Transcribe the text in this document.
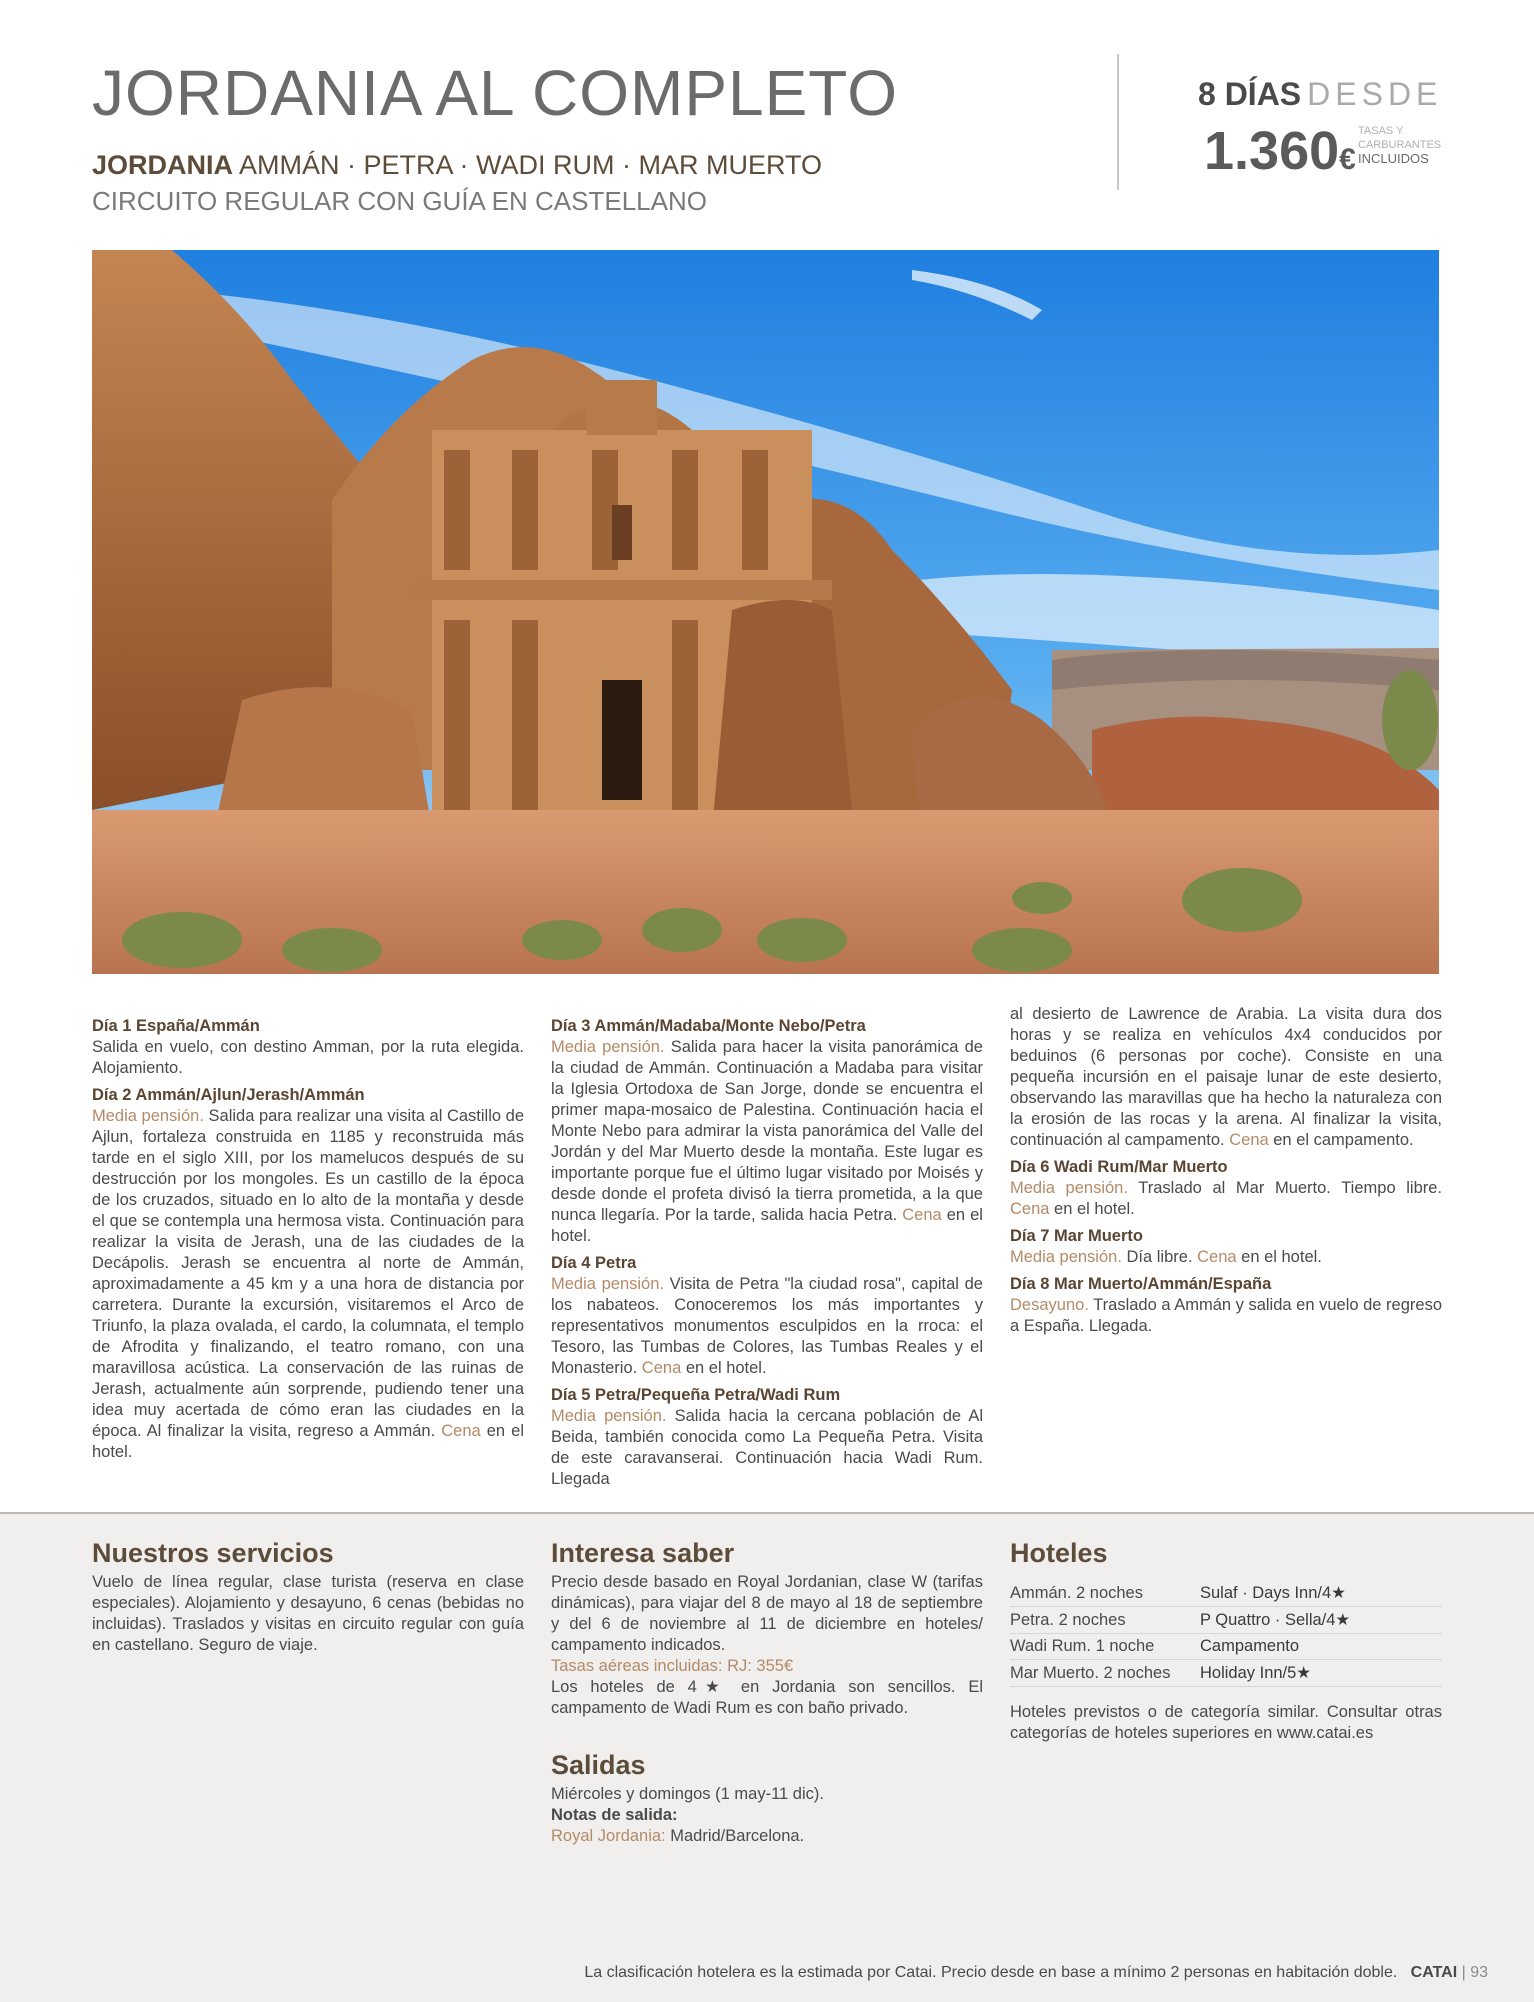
JORDANIA AL COMPLETO
JORDANIA AMMÁN · PETRA · WADI RUM · MAR MUERTO
CIRCUITO REGULAR CON GUÍA EN CASTELLANO
8 DÍAS DESDE
1.360€
TASAS Y CARBURANTES
INCLUIDOS
Día 1 España/Ammán
Salida en vuelo, con destino Amman, por la ruta elegida. Alojamiento.
Día 2 Ammán/Ajlun/Jerash/Ammán
Media pensión. Salida para realizar una visita al Castillo de Ajlun, fortaleza construida en 1185 y reconstruida más tarde en el siglo XIII, por los mamelucos después de su destrucción por los mongoles. Es un castillo de la época de los cruzados, situado en lo alto de la montaña y desde el que se contempla una hermosa vista. Continuación para realizar la visita de Jerash, una de las ciudades de la Decápolis. Jerash se encuentra al norte de Ammán, aproximadamente a 45 km y a una hora de distancia por carretera. Durante la excursión, visitaremos el Arco de Triunfo, la plaza ovalada, el cardo, la columnata, el templo de Afrodita y finalizando, el teatro romano, con una maravillosa acústica. La conservación de las ruinas de Jerash, actualmente aún sorprende, pudiendo tener una idea muy acertada de cómo eran las ciudades en la época. Al finalizar la visita, regreso a Ammán. Cena en el hotel.
Día 3 Ammán/Madaba/Monte Nebo/Petra
Media pensión. Salida para hacer la visita panorámica de la ciudad de Ammán. Continuación a Madaba para visitar la Iglesia Ortodoxa de San Jorge, donde se encuentra el primer mapa-mosaico de Palestina. Continuación hacia el Monte Nebo para admirar la vista panorámica del Valle del Jordán y del Mar Muerto desde la montaña. Este lugar es importante porque fue el último lugar visitado por Moisés y desde donde el profeta divisó la tierra prometida, a la que nunca llegaría. Por la tarde, salida hacia Petra. Cena en el hotel.
Día 4 Petra
Media pensión. Visita de Petra "la ciudad rosa", capital de los nabateos. Conoceremos los más importantes y representativos monumentos esculpidos en la rroca: el Tesoro, las Tumbas de Colores, las Tumbas Reales y el Monasterio. Cena en el hotel.
Día 5 Petra/Pequeña Petra/Wadi Rum
Media pensión. Salida hacia la cercana población de Al Beida, también conocida como La Pequeña Petra. Visita de este caravanserai. Continuación hacia Wadi Rum. Llegada
al desierto de Lawrence de Arabia. La visita dura dos horas y se realiza en vehículos 4x4 conducidos por beduinos (6 personas por coche). Consiste en una pequeña incursión en el paisaje lunar de este desierto, observando las maravillas que ha hecho la naturaleza con la erosión de las rocas y la arena. Al finalizar la visita, continuación al campamento. Cena en el campamento.
Día 6 Wadi Rum/Mar Muerto
Media pensión. Traslado al Mar Muerto. Tiempo libre. Cena en el hotel.
Día 7 Mar Muerto
Media pensión. Día libre. Cena en el hotel.
Día 8 Mar Muerto/Ammán/España
Desayuno. Traslado a Ammán y salida en vuelo de regreso a España. Llegada.
Nuestros servicios
Vuelo de línea regular, clase turista (reserva en clase especiales). Alojamiento y desayuno, 6 cenas (bebidas no incluidas). Traslados y visitas en circuito regular con guía en castellano. Seguro de viaje.
Interesa saber
Precio desde basado en Royal Jordanian, clase W (tarifas dinámicas), para viajar del 8 de mayo al 18 de septiembre y del 6 de noviembre al 11 de diciembre en hoteles/ campamento indicados.
Tasas aéreas incluidas: RJ: 355€
Los hoteles de 4★ en Jordania son sencillos. El campamento de Wadi Rum es con baño privado.
Salidas
Miércoles y domingos (1 may-11 dic).
Notas de salida:
Royal Jordania: Madrid/Barcelona.
Hoteles
Ammán. 2 noches	Sulaf · Days Inn/4★
Petra. 2 noches	P Quattro · Sella/4★
Wadi Rum. 1 noche	Campamento
Mar Muerto. 2 noches	Holiday Inn/5★
Hoteles previstos o de categoría similar. Consultar otras categorías de hoteles superiores en www.catai.es
La clasificación hotelera es la estimada por Catai. Precio desde en base a mínimo 2 personas en habitación doble. CATAI | 93
